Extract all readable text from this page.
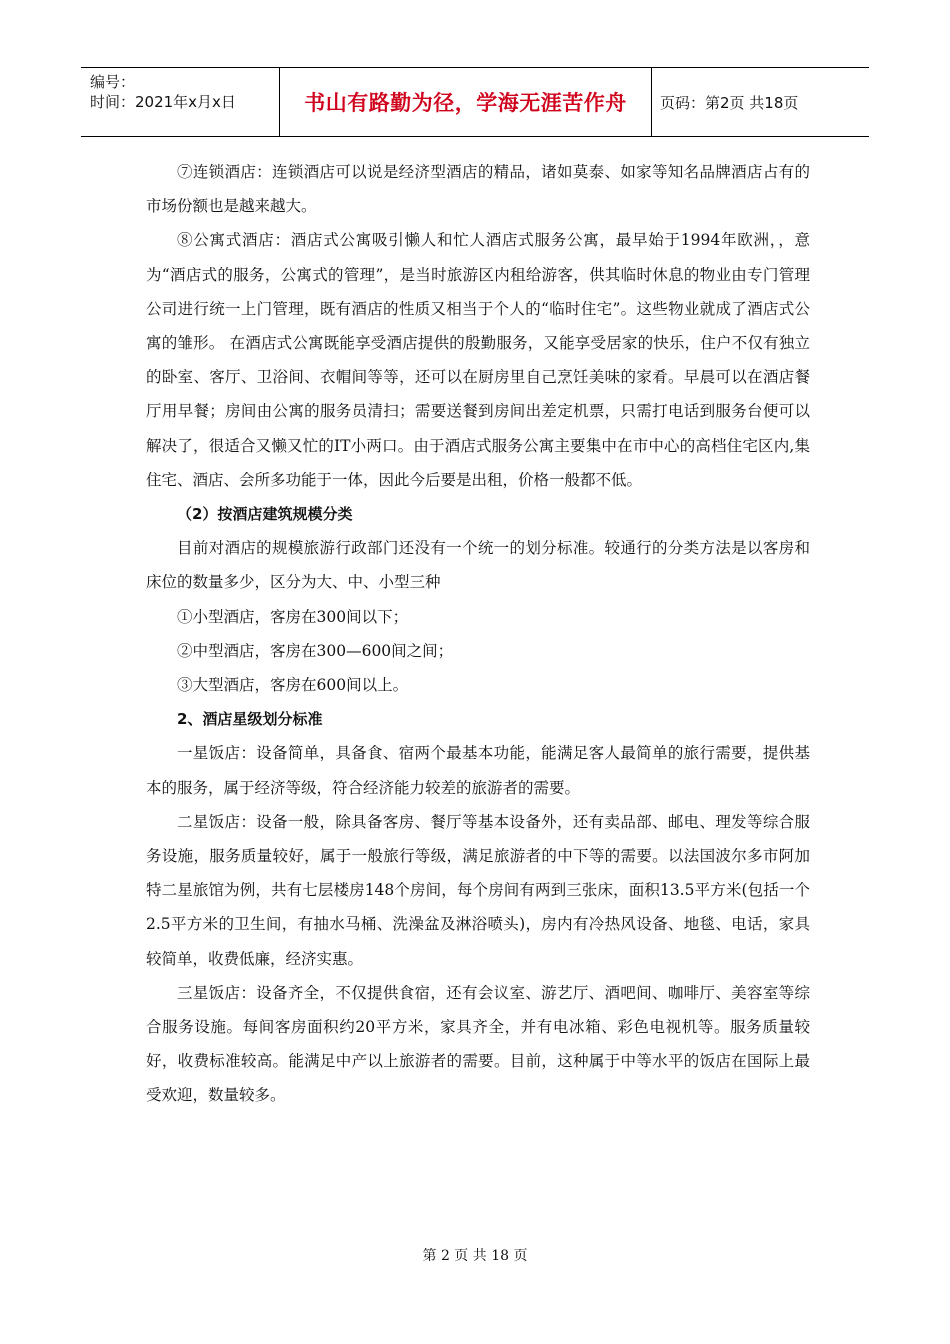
编号：
时间：2021年x月x日	书山有路勤为径，学海无涯苦作舟 页码：第2页 共18页

⑦连锁酒店：连锁酒店可以说是经济型酒店的精品，诸如莫泰、如家等知名品牌酒店占有的市场份额也是越来越大。

⑧公寓式酒店：酒店式公寓吸引懒人和忙人酒店式服务公寓，最早始于1994年欧洲，，意为“酒店式的服务，公寓式的管理”，是当时旅游区内租给游客，供其临时休息的物业由专门管理公司进行统一上门管理，既有酒店的性质又相当于个人的“临时住宅”。这些物业就成了酒店式公寓的雏形。 在酒店式公寓既能享受酒店提供的殷勤服务，又能享受居家的快乐，住户不仅有独立的卧室、客厅、卫浴间、衣帽间等等，还可以在厨房里自己烹饪美味的家肴。早晨可以在酒店餐厅用早餐；房间由公寓的服务员清扫；需要送餐到房间出差定机票，只需打电话到服务台便可以解决了，很适合又懒又忙的IT小两口。由于酒店式服务公寓主要集中在市中心的高档住宅区内,集住宅、酒店、会所多功能于一体，因此今后要是出租，价格一般都不低。

（2）按酒店建筑规模分类

目前对酒店的规模旅游行政部门还没有一个统一的划分标准。较通行的分类方法是以客房和床位的数量多少，区分为大、中、小型三种

①小型酒店，客房在300间以下；

②中型酒店，客房在300—600间之间；

③大型酒店，客房在600间以上。

2、酒店星级划分标准

一星饭店：设备简单，具备食、宿两个最基本功能，能满足客人最简单的旅行需要，提供基本的服务，属于经济等级，符合经济能力较差的旅游者的需要。

二星饭店：设备一般，除具备客房、餐厅等基本设备外，还有卖品部、邮电、理发等综合服务设施，服务质量较好，属于一般旅行等级，满足旅游者的中下等的需要。以法国波尔多市阿加特二星旅馆为例，共有七层楼房148个房间，每个房间有两到三张床，面积13.5平方米(包括一个2.5平方米的卫生间，有抽水马桶、洗澡盆及淋浴喷头)，房内有冷热风设备、地毯、电话，家具较简单，收费低廉，经济实惠。

三星饭店：设备齐全，不仅提供食宿，还有会议室、游艺厅、酒吧间、咖啡厅、美容室等综合服务设施。每间客房面积约20平方米，家具齐全，并有电冰箱、彩色电视机等。服务质量较好，收费标准较高。能满足中产以上旅游者的需要。目前，这种属于中等水平的饭店在国际上最受欢迎，数量较多。

第 2 页 共 18 页
